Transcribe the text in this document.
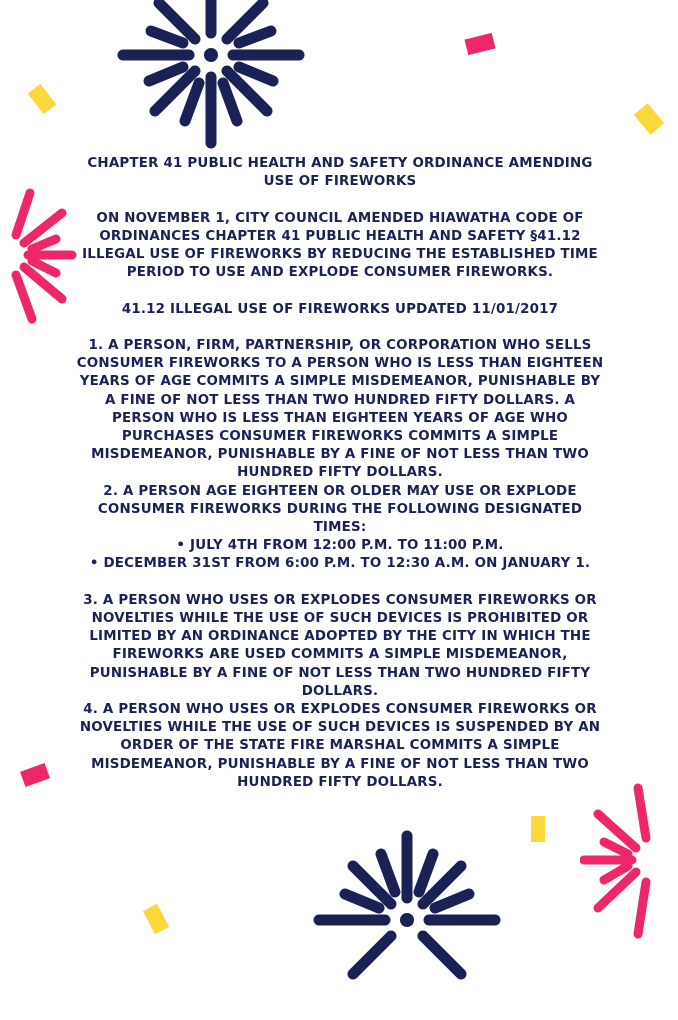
CHAPTER 41 PUBLIC HEALTH AND SAFETY ORDINANCE AMENDING

USE OF FIREWORKS

ON NOVEMBER 1, CITY COUNCIL AMENDED HIAWATHA CODE OF

ORDINANCES CHAPTER 41 PUBLIC HEALTH AND SAFETY §41.12

ILLEGAL USE OF FIREWORKS BY REDUCING THE ESTABLISHED TIME

PERIOD TO USE AND EXPLODE CONSUMER FIREWORKS.

41.12 ILLEGAL USE OF FIREWORKS UPDATED 11/01/2017

1. A PERSON, FIRM, PARTNERSHIP, OR CORPORATION WHO SELLS

CONSUMER FIREWORKS TO A PERSON WHO IS LESS THAN EIGHTEEN

YEARS OF AGE COMMITS A SIMPLE MISDEMEANOR, PUNISHABLE BY

A FINE OF NOT LESS THAN TWO HUNDRED FIFTY DOLLARS. A

PERSON WHO IS LESS THAN EIGHTEEN YEARS OF AGE WHO

PURCHASES CONSUMER FIREWORKS COMMITS A SIMPLE

MISDEMEANOR, PUNISHABLE BY A FINE OF NOT LESS THAN TWO

HUNDRED FIFTY DOLLARS.

2. A PERSON AGE EIGHTEEN OR OLDER MAY USE OR EXPLODE

CONSUMER FIREWORKS DURING THE FOLLOWING DESIGNATED

TIMES:

• JULY 4TH FROM 12:00 P.M. TO 11:00 P.M.

• DECEMBER 31ST FROM 6:00 P.M. TO 12:30 A.M. ON JANUARY 1.

3. A PERSON WHO USES OR EXPLODES CONSUMER FIREWORKS OR

NOVELTIES WHILE THE USE OF SUCH DEVICES IS PROHIBITED OR

LIMITED BY AN ORDINANCE ADOPTED BY THE CITY IN WHICH THE

FIREWORKS ARE USED COMMITS A SIMPLE MISDEMEANOR,

PUNISHABLE BY A FINE OF NOT LESS THAN TWO HUNDRED FIFTY

DOLLARS.

4. A PERSON WHO USES OR EXPLODES CONSUMER FIREWORKS OR

NOVELTIES WHILE THE USE OF SUCH DEVICES IS SUSPENDED BY AN

ORDER OF THE STATE FIRE MARSHAL COMMITS A SIMPLE

MISDEMEANOR, PUNISHABLE BY A FINE OF NOT LESS THAN TWO

HUNDRED FIFTY DOLLARS.
